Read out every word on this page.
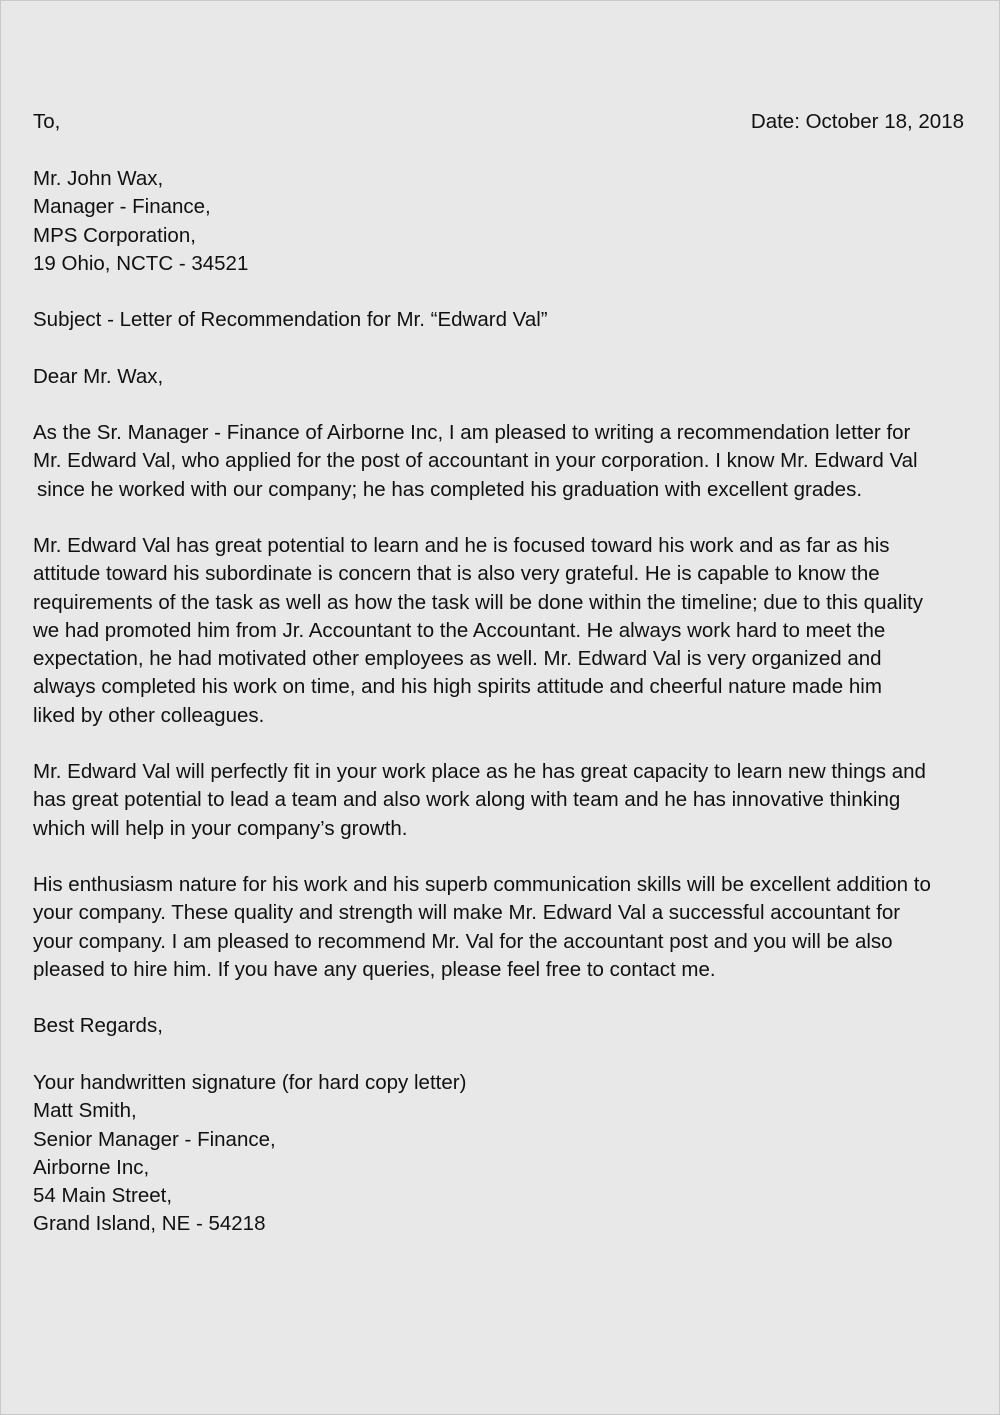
To,	Date: October 18, 2018
Mr. John Wax,
Manager - Finance,
MPS Corporation,
19 Ohio, NCTC - 34521
Subject - Letter of Recommendation for Mr. “Edward Val”
Dear Mr. Wax,
As the Sr. Manager - Finance of Airborne Inc, I am pleased to writing a recommendation letter for
Mr. Edward Val, who applied for the post of accountant in your corporation. I know Mr. Edward Val
since he worked with our company; he has completed his graduation with excellent grades.
Mr. Edward Val has great potential to learn and he is focused toward his work and as far as his
attitude toward his subordinate is concern that is also very grateful. He is capable to know the
requirements of the task as well as how the task will be done within the timeline; due to this quality
we had promoted him from Jr. Accountant to the Accountant. He always work hard to meet the
expectation, he had motivated other employees as well. Mr. Edward Val is very organized and
always completed his work on time, and his high spirits attitude and cheerful nature made him
liked by other colleagues.
Mr. Edward Val will perfectly fit in your work place as he has great capacity to learn new things and
has great potential to lead a team and also work along with team and he has innovative thinking
which will help in your company’s growth.
His enthusiasm nature for his work and his superb communication skills will be excellent addition to
your company. These quality and strength will make Mr. Edward Val a successful accountant for
your company. I am pleased to recommend Mr. Val for the accountant post and you will be also
pleased to hire him. If you have any queries, please feel free to contact me.
Best Regards,
Your handwritten signature (for hard copy letter)
Matt Smith,
Senior Manager - Finance,
Airborne Inc,
54 Main Street,
Grand Island, NE - 54218
